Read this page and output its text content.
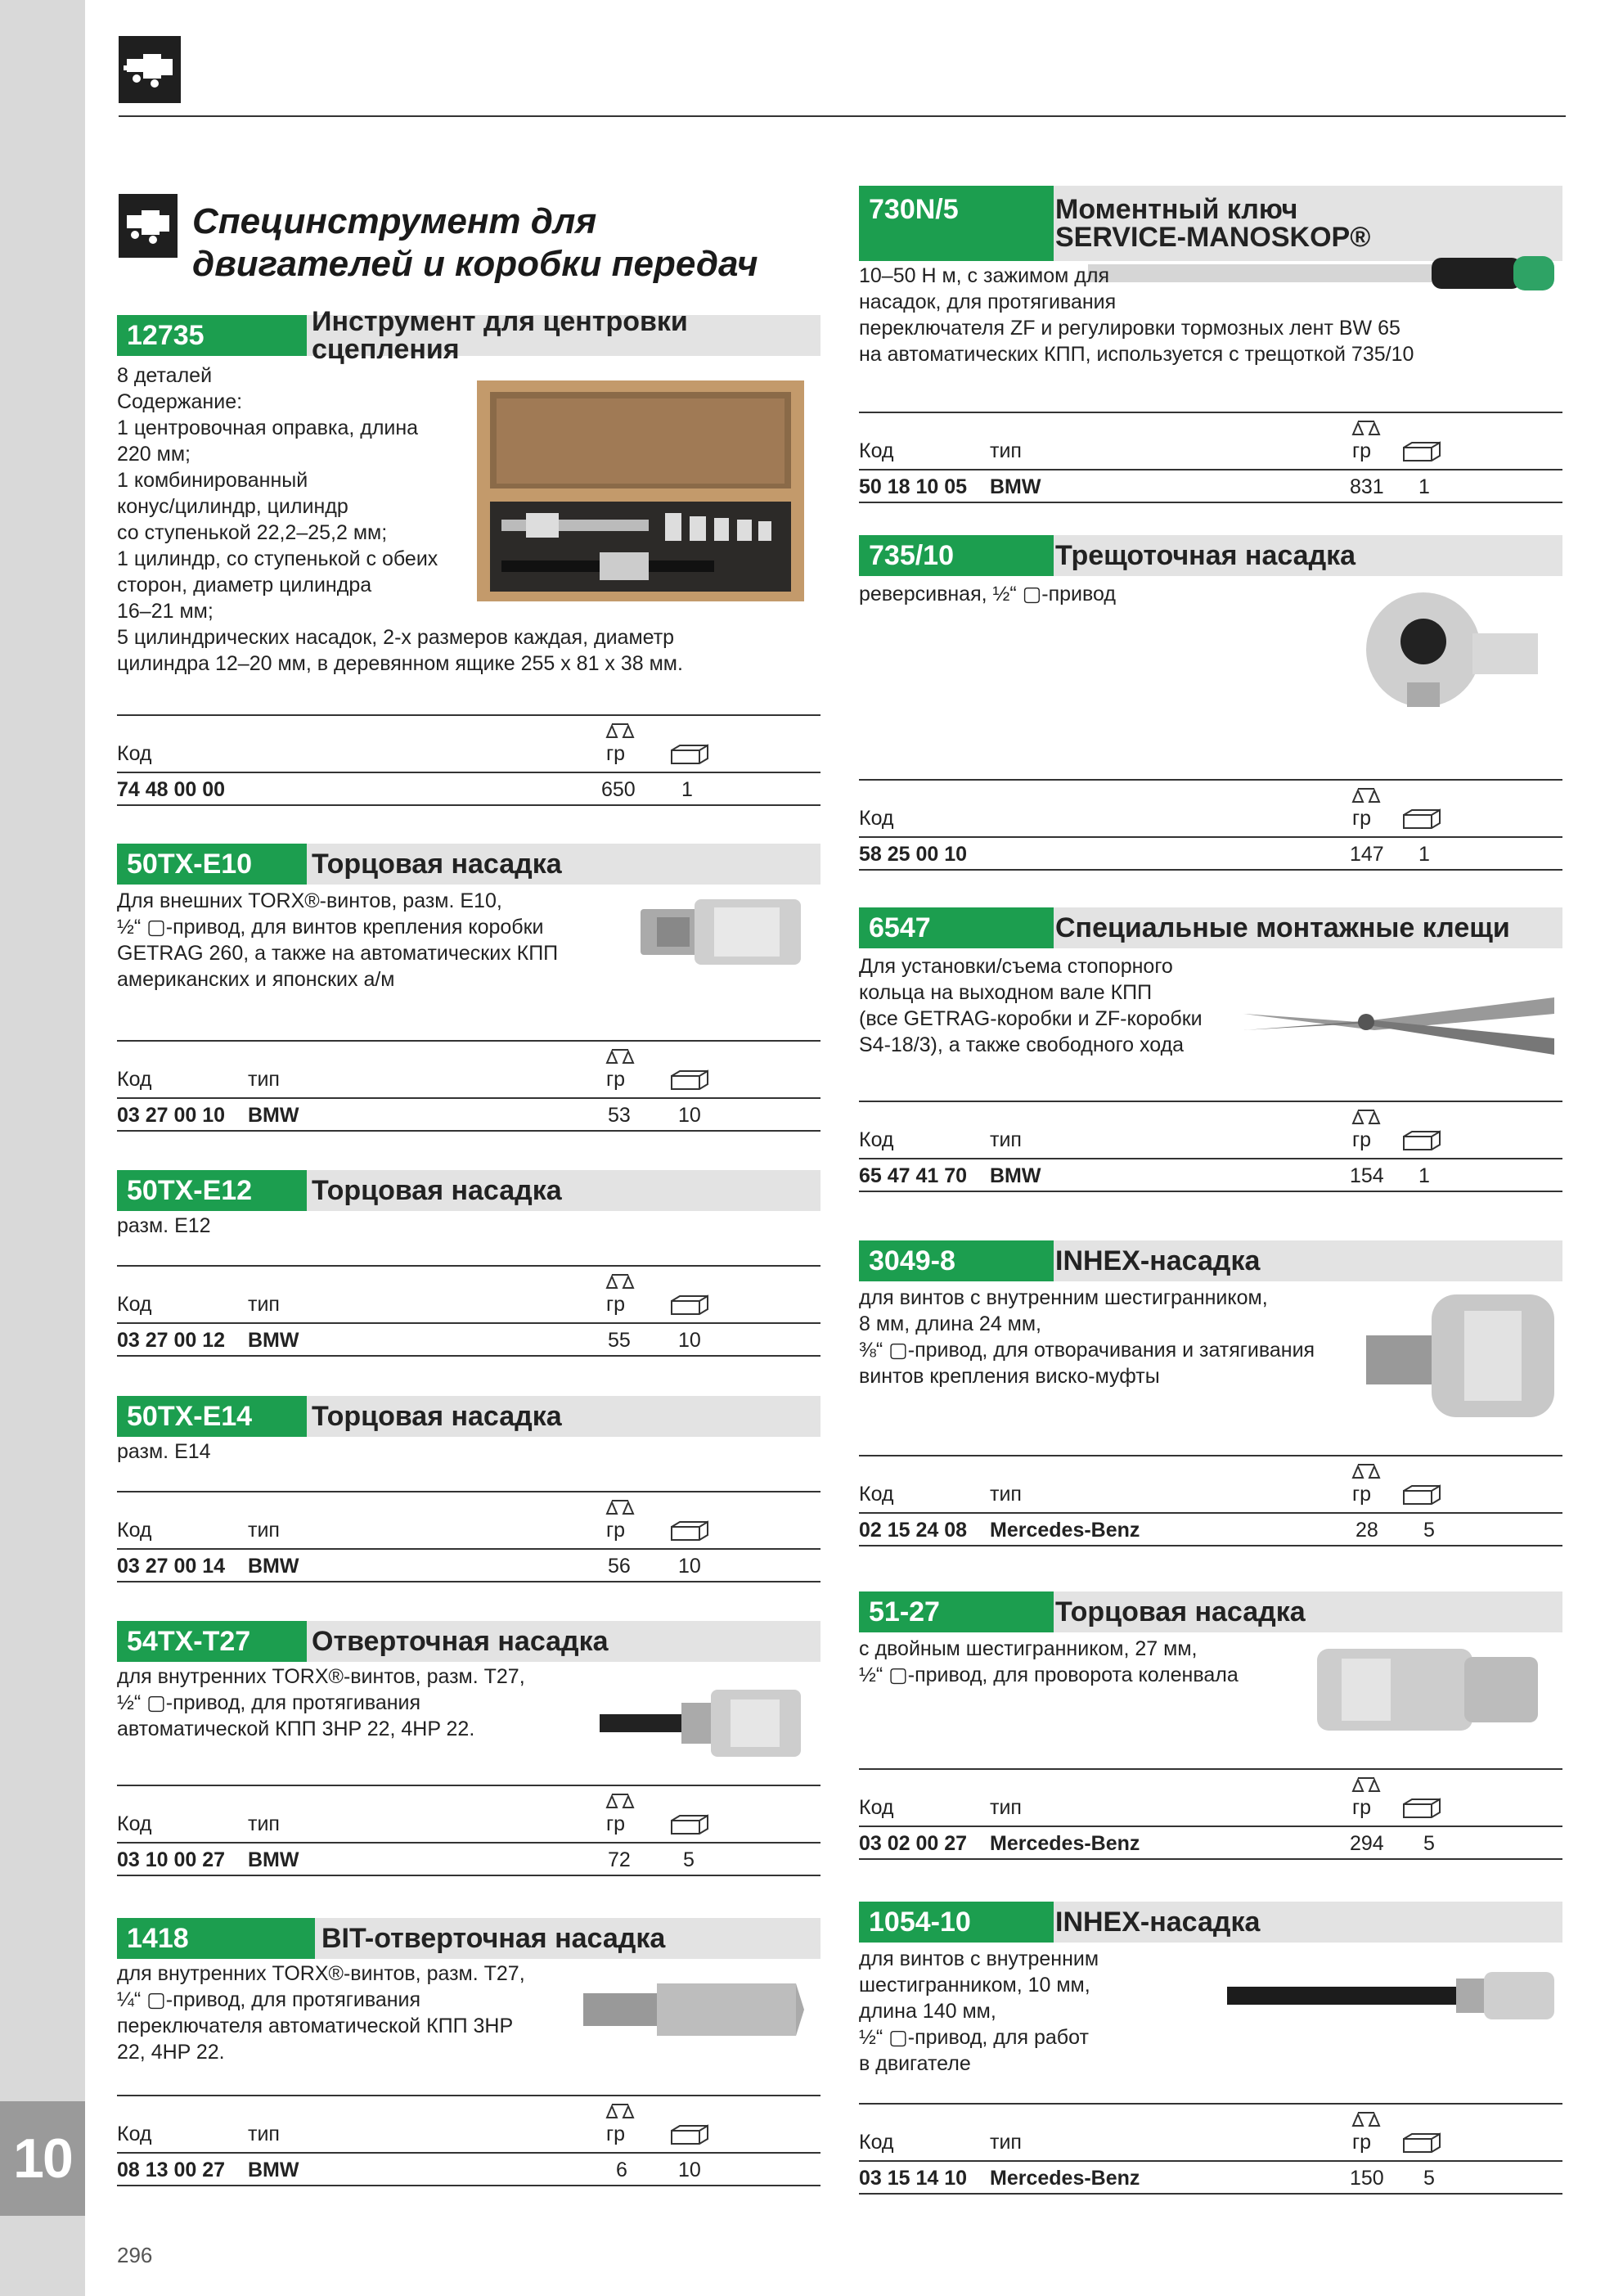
10
Специнструмент для
двигателей и коробки передач
12735	Инструмент для центровки сцепления
8 деталей
Содержание:
1 центровочная оправка, длина
220 мм;
1 комбинированный
конус/цилиндр, цилиндр
со ступенькой 22,2–25,2 мм;
1 цилиндр, со ступенькой с обеих
сторон, диаметр цилиндра
16–21 мм;
5 цилиндрических насадок, 2-х размеров каждая, диаметр
цилиндра 12–20 мм, в деревянном ящике 255 x 81 x 38 мм.
Код	гр
74 48 00 00	650 1
50TX-E10	Торцовая насадка
Для внешних TORX®-винтов, разм. E10,
½“ ▢-привод, для винтов крепления коробки
GETRAG 260, а также на автоматических КПП
американских и японских а/м
Код	тип	гр
03 27 00 10 BMW	53 10
50TX-E12	Торцовая насадка
разм. E12
Код	тип	гр
03 27 00 12 BMW	55 10
50TX-E14	Торцовая насадка
разм. E14
Код	тип	гр
03 27 00 14 BMW	56 10
54TX-T27	Отверточная насадка
для внутренних TORX®-винтов, разм. T27,
½“ ▢-привод, для протягивания
автоматической КПП 3HP 22, 4HP 22.
Код	тип	гр
03 10 00 27 BMW	72	5
1418	BIT-отверточная насадка
для внутренних TORX®-винтов, разм. T27,
¼“ ▢-привод, для протягивания
переключателя автоматической КПП 3HP
22, 4HP 22.
Код	тип	гр
08 13 00 27 BMW	6 10
730N/5	Моментный ключ
SERVICE-MANOSKOP®
10–50 Н м, с зажимом для
насадок, для протягивания
переключателя ZF и регулировки тормозных лент BW 65
на автоматических КПП, используется с трещоткой 735/10
Код	тип	гр
50 18 10 05 BMW	831 1
735/10	Трещоточная насадка
реверсивная, ½“ ▢-привод
Код	гр
58 25 00 10	147 1
6547	Специальные монтажные клещи
Для установки/съема стопорного
кольца на выходном вале КПП
(все GETRAG-коробки и ZF-коробки
S4-18/3), а также свободного хода
Код	тип	гр
65 47 41 70 BMW	154 1
3049-8	INHEX-насадка
для винтов с внутренним шестигранником,
8 мм, длина 24 мм,
⅜“ ▢-привод, для отворачивания и затягивания
винтов крепления виско-муфты
Код	тип	гр
02 15 24 08 Mercedes-Benz	28 5
51-27	Торцовая насадка
с двойным шестигранником, 27 мм,
½“ ▢-привод, для проворота коленвала
Код	тип	гр
03 02 00 27 Mercedes-Benz	294 5
1054-10	INHEX-насадка
для винтов с внутренним
шестигранником, 10 мм,
длина 140 мм,
½“ ▢-привод, для работ
в двигателе
Код	тип	гр
03 15 14 10 Mercedes-Benz	150 5
296
